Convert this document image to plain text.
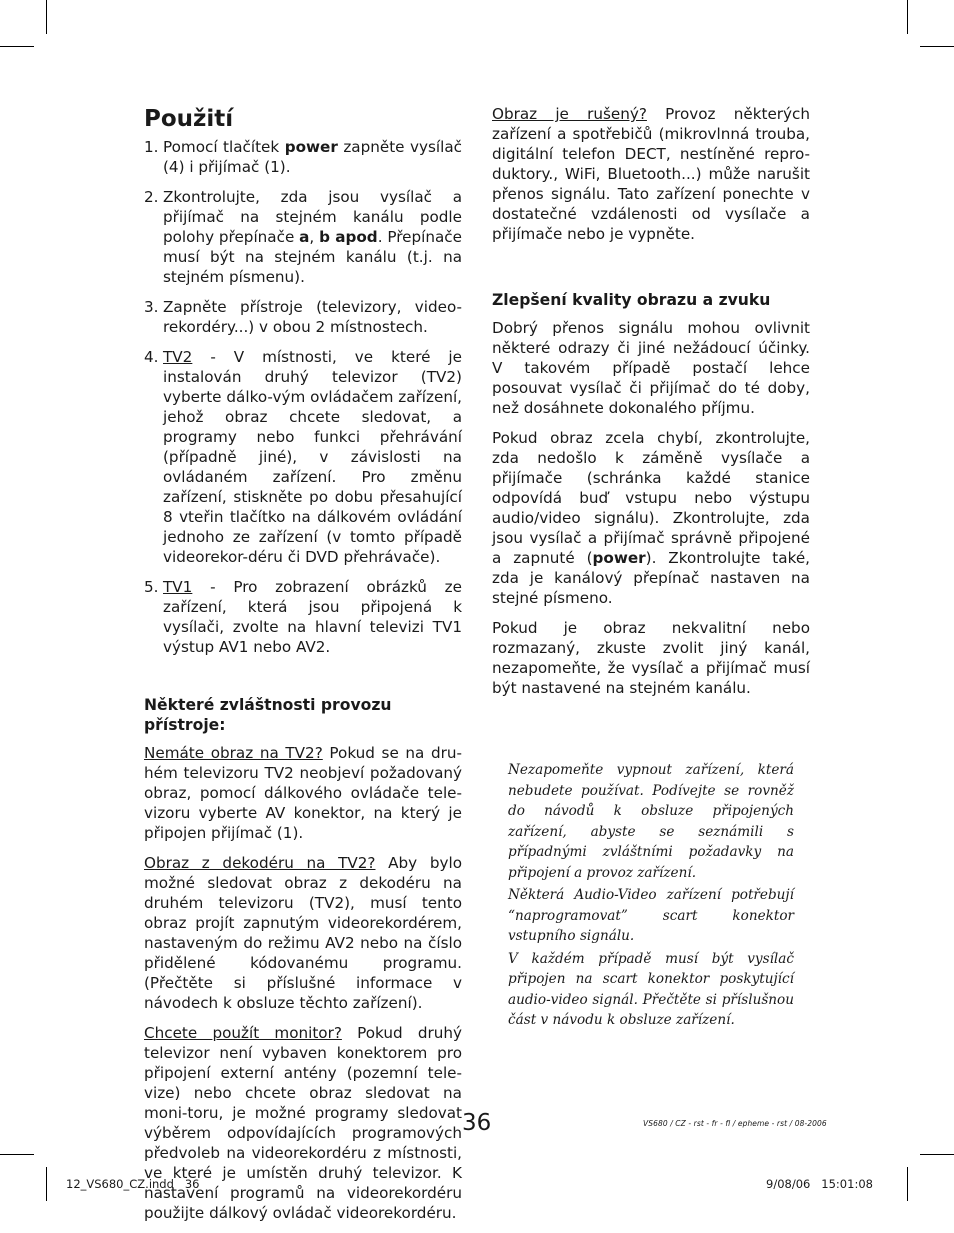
Použití
1. Pomocí tlačítek power zapněte vysílač (4) i přijímač (1).
2. Zkontrolujte, zda jsou vysílač a přijímač na stejném kanálu podle polohy přepínače a, b apod. Přepínače musí být na stejném kanálu (t.j. na stejném písmenu).
3. Zapněte přístroje (televizory, video-rekordéry...) v obou 2 místnostech.
4. TV2 - V místnosti, ve které je instalován druhý televizor (TV2) vyberte dálko-vým ovládačem zařízení, jehož obraz chcete sledovat, a programy nebo funkci přehrávání (případně jiné), v závislosti na ovládaném zařízení. Pro změnu zařízení, stiskněte po dobu přesahující 8 vteřin tlačítko na dálkovém ovládání jednoho ze zařízení (v tomto případě videorekor-déru či DVD přehrávače).
5. TV1 - Pro zobrazení obrázků ze zařízení, která jsou připojená k vysílači, zvolte na hlavní televizi TV1 výstup AV1 nebo AV2.
Některé zvláštnosti provozu přístroje:

Nemáte obraz na TV2? Pokud se na dru-hém televizoru TV2 neobjeví požadovaný obraz, pomocí dálkového ovládače tele-vizoru vyberte AV konektor, na který je připojen přijímač (1).

Obraz z dekodéru na TV2? Aby bylo možné sledovat obraz z dekodéru na druhém televizoru (TV2), musí tento obraz projít zapnutým videorekordérem, nastaveným do režimu AV2 nebo na číslo přidělené kódovanému programu. (Přečtěte si příslušné informace v návodech k obsluze těchto zařízení).

Chcete použít monitor? Pokud druhý televizor není vybaven konektorem pro připojení externí antény (pozemní tele-vize) nebo chcete obraz sledovat na moni-toru, je možné programy sledovat výběrem odpovídajících programových předvoleb na videorekordéru z místnosti, ve které je umístěn druhý televizor. K nastavení programů na videorekordéru použijte dálkový ovládač videorekordéru.

Obraz je rušený? Provoz některých zařízení a spotřebičů (mikrovlnná trouba, digitální telefon DECT, nestíněné repro-duktory., WiFi, Bluetooth...) může narušit přenos signálu. Tato zařízení ponechte v dostatečné vzdálenosti od vysílače a přijímače nebo je vypněte.

Zlepšení kvality obrazu a zvuku

Dobrý přenos signálu mohou ovlivnit některé odrazy či jiné nežádoucí účinky. V takovém případě postačí lehce posouvat vysílač či přijímač do té doby, než dosáhnete dokonalého příjmu.

Pokud obraz zcela chybí, zkontrolujte, zda nedošlo k záměně vysílače a přijímače (schránka každé stanice odpovídá buď vstupu nebo výstupu audio/video signálu). Zkontrolujte, zda jsou vysílač a přijímač správně připojené a zapnuté (power). Zkontrolujte také, zda je kanálový přepínač nastaven na stejné písmeno.

Pokud je obraz nekvalitní nebo rozmazaný, zkuste zvolit jiný kanál, nezapomeňte, že vysílač a přijímač musí být nastavené na stejném kanálu.

Nezapomeňte vypnout zařízení, která nebudete používat. Podívejte se rovněž do návodů k obsluze připojených zařízení, abyste se seznámili s případnými zvláštními požadavky na připojení a provoz zařízení.

Některá Audio-Video zařízení potřebují “naprogramovat” scart konektor vstupního signálu.

V každém případě musí být vysílač připojen na scart konektor poskytující audio-video signál. Přečtěte si příslušnou část v návodu k obsluze zařízení.

36	VS680 / CZ - rst - fr - fl / epheme - rst / 08-2006
12_VS680_CZ.indd   36	9/08/06   15:01:08
